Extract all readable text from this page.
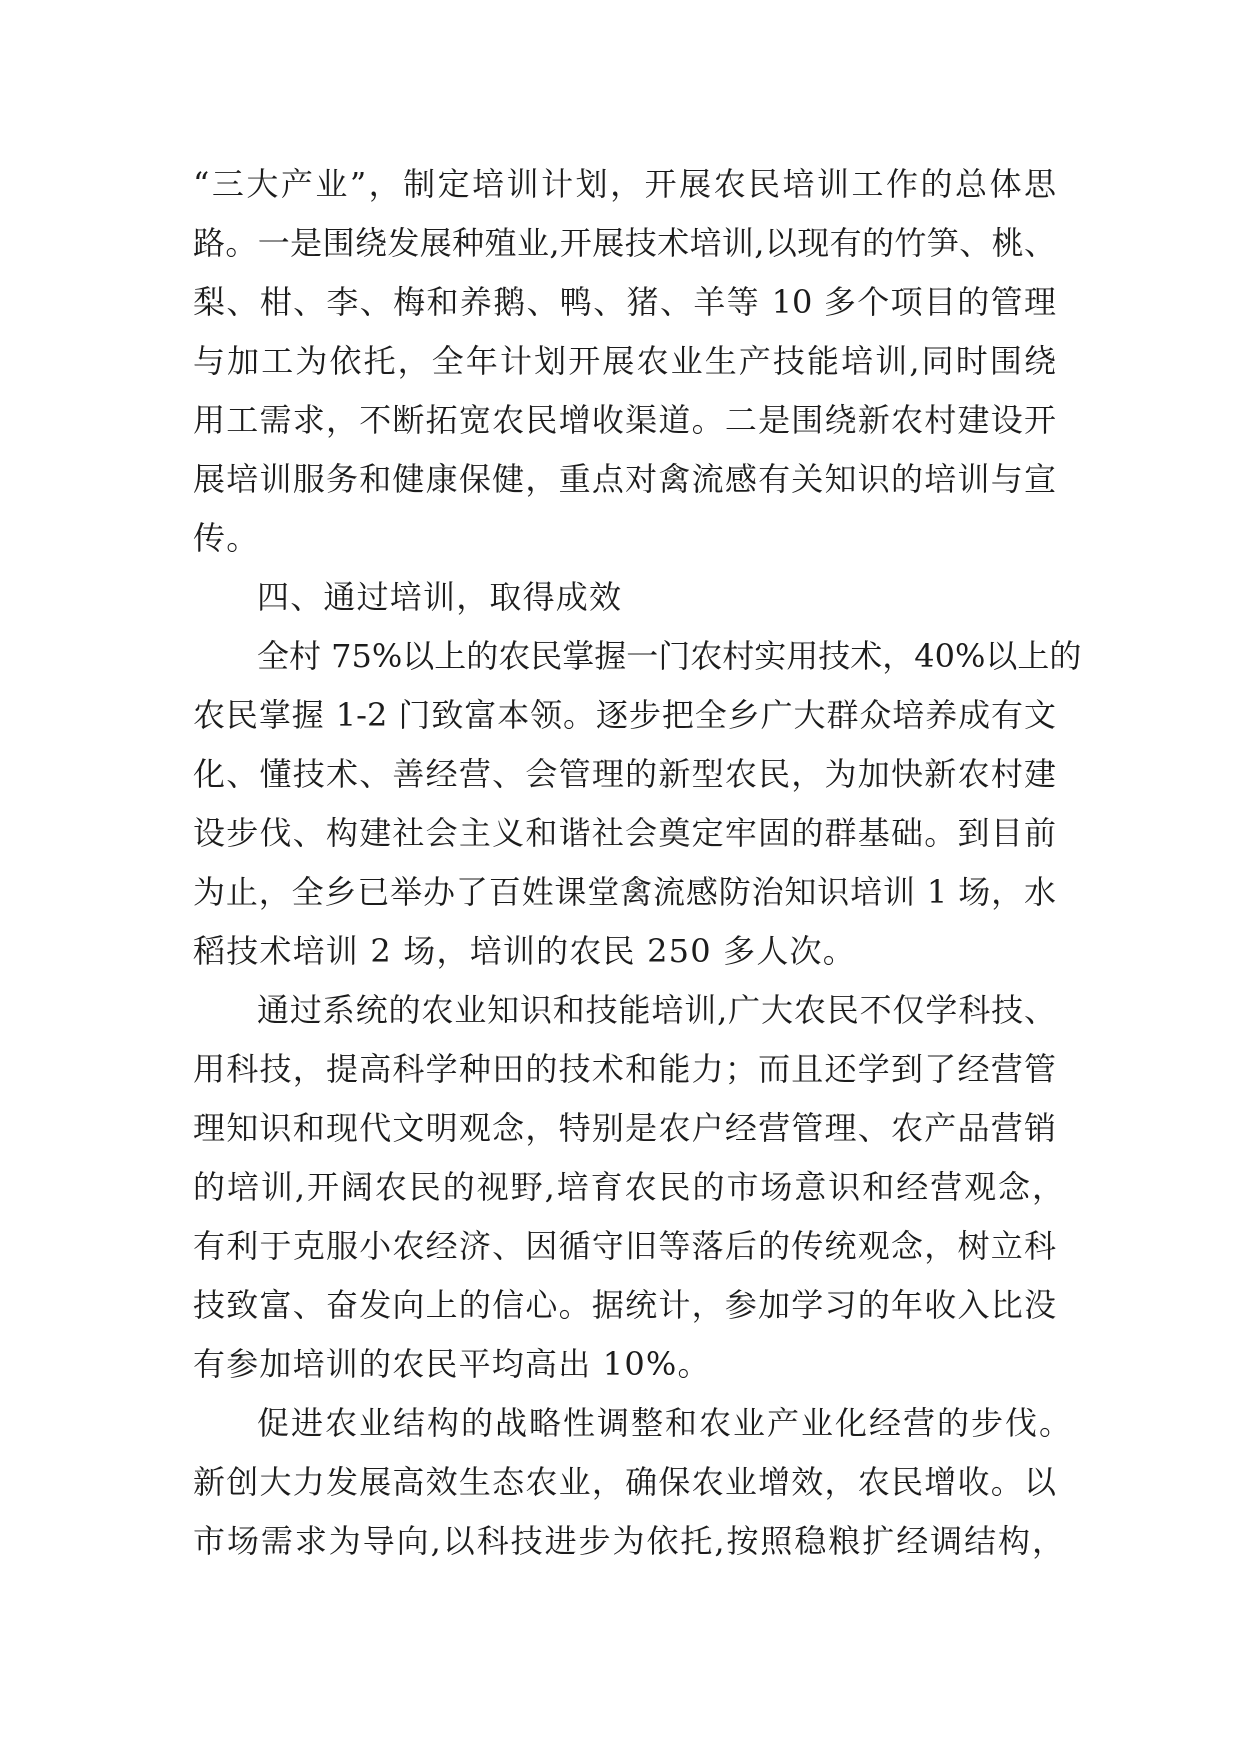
“三大产业”，制定培训计划，开展农民培训工作的总体思
路。一是围绕发展种殖业,开展技术培训,以现有的竹笋、桃、
梨、柑、李、梅和养鹅、鸭、猪、羊等 10 多个项目的管理
与加工为依托，全年计划开展农业生产技能培训,同时围绕
用工需求，不断拓宽农民增收渠道。二是围绕新农村建设开
展培训服务和健康保健，重点对禽流感有关知识的培训与宣
传。
四、通过培训，取得成效
全村 75%以上的农民掌握一门农村实用技术，40%以上的
农民掌握 1-2 门致富本领。逐步把全乡广大群众培养成有文
化、懂技术、善经营、会管理的新型农民，为加快新农村建
设步伐、构建社会主义和谐社会奠定牢固的群基础。到目前
为止，全乡已举办了百姓课堂禽流感防治知识培训 1 场，水
稻技术培训 2 场，培训的农民 250 多人次。
通过系统的农业知识和技能培训,广大农民不仅学科技、
用科技，提高科学种田的技术和能力；而且还学到了经营管
理知识和现代文明观念，特别是农户经营管理、农产品营销
的培训,开阔农民的视野,培育农民的市场意识和经营观念，
有利于克服小农经济、因循守旧等落后的传统观念，树立科
技致富、奋发向上的信心。据统计，参加学习的年收入比没
有参加培训的农民平均高出 10%。
促进农业结构的战略性调整和农业产业化经营的步伐。
新创大力发展高效生态农业，确保农业增效，农民增收。以
市场需求为导向,以科技进步为依托,按照稳粮扩经调结构，
